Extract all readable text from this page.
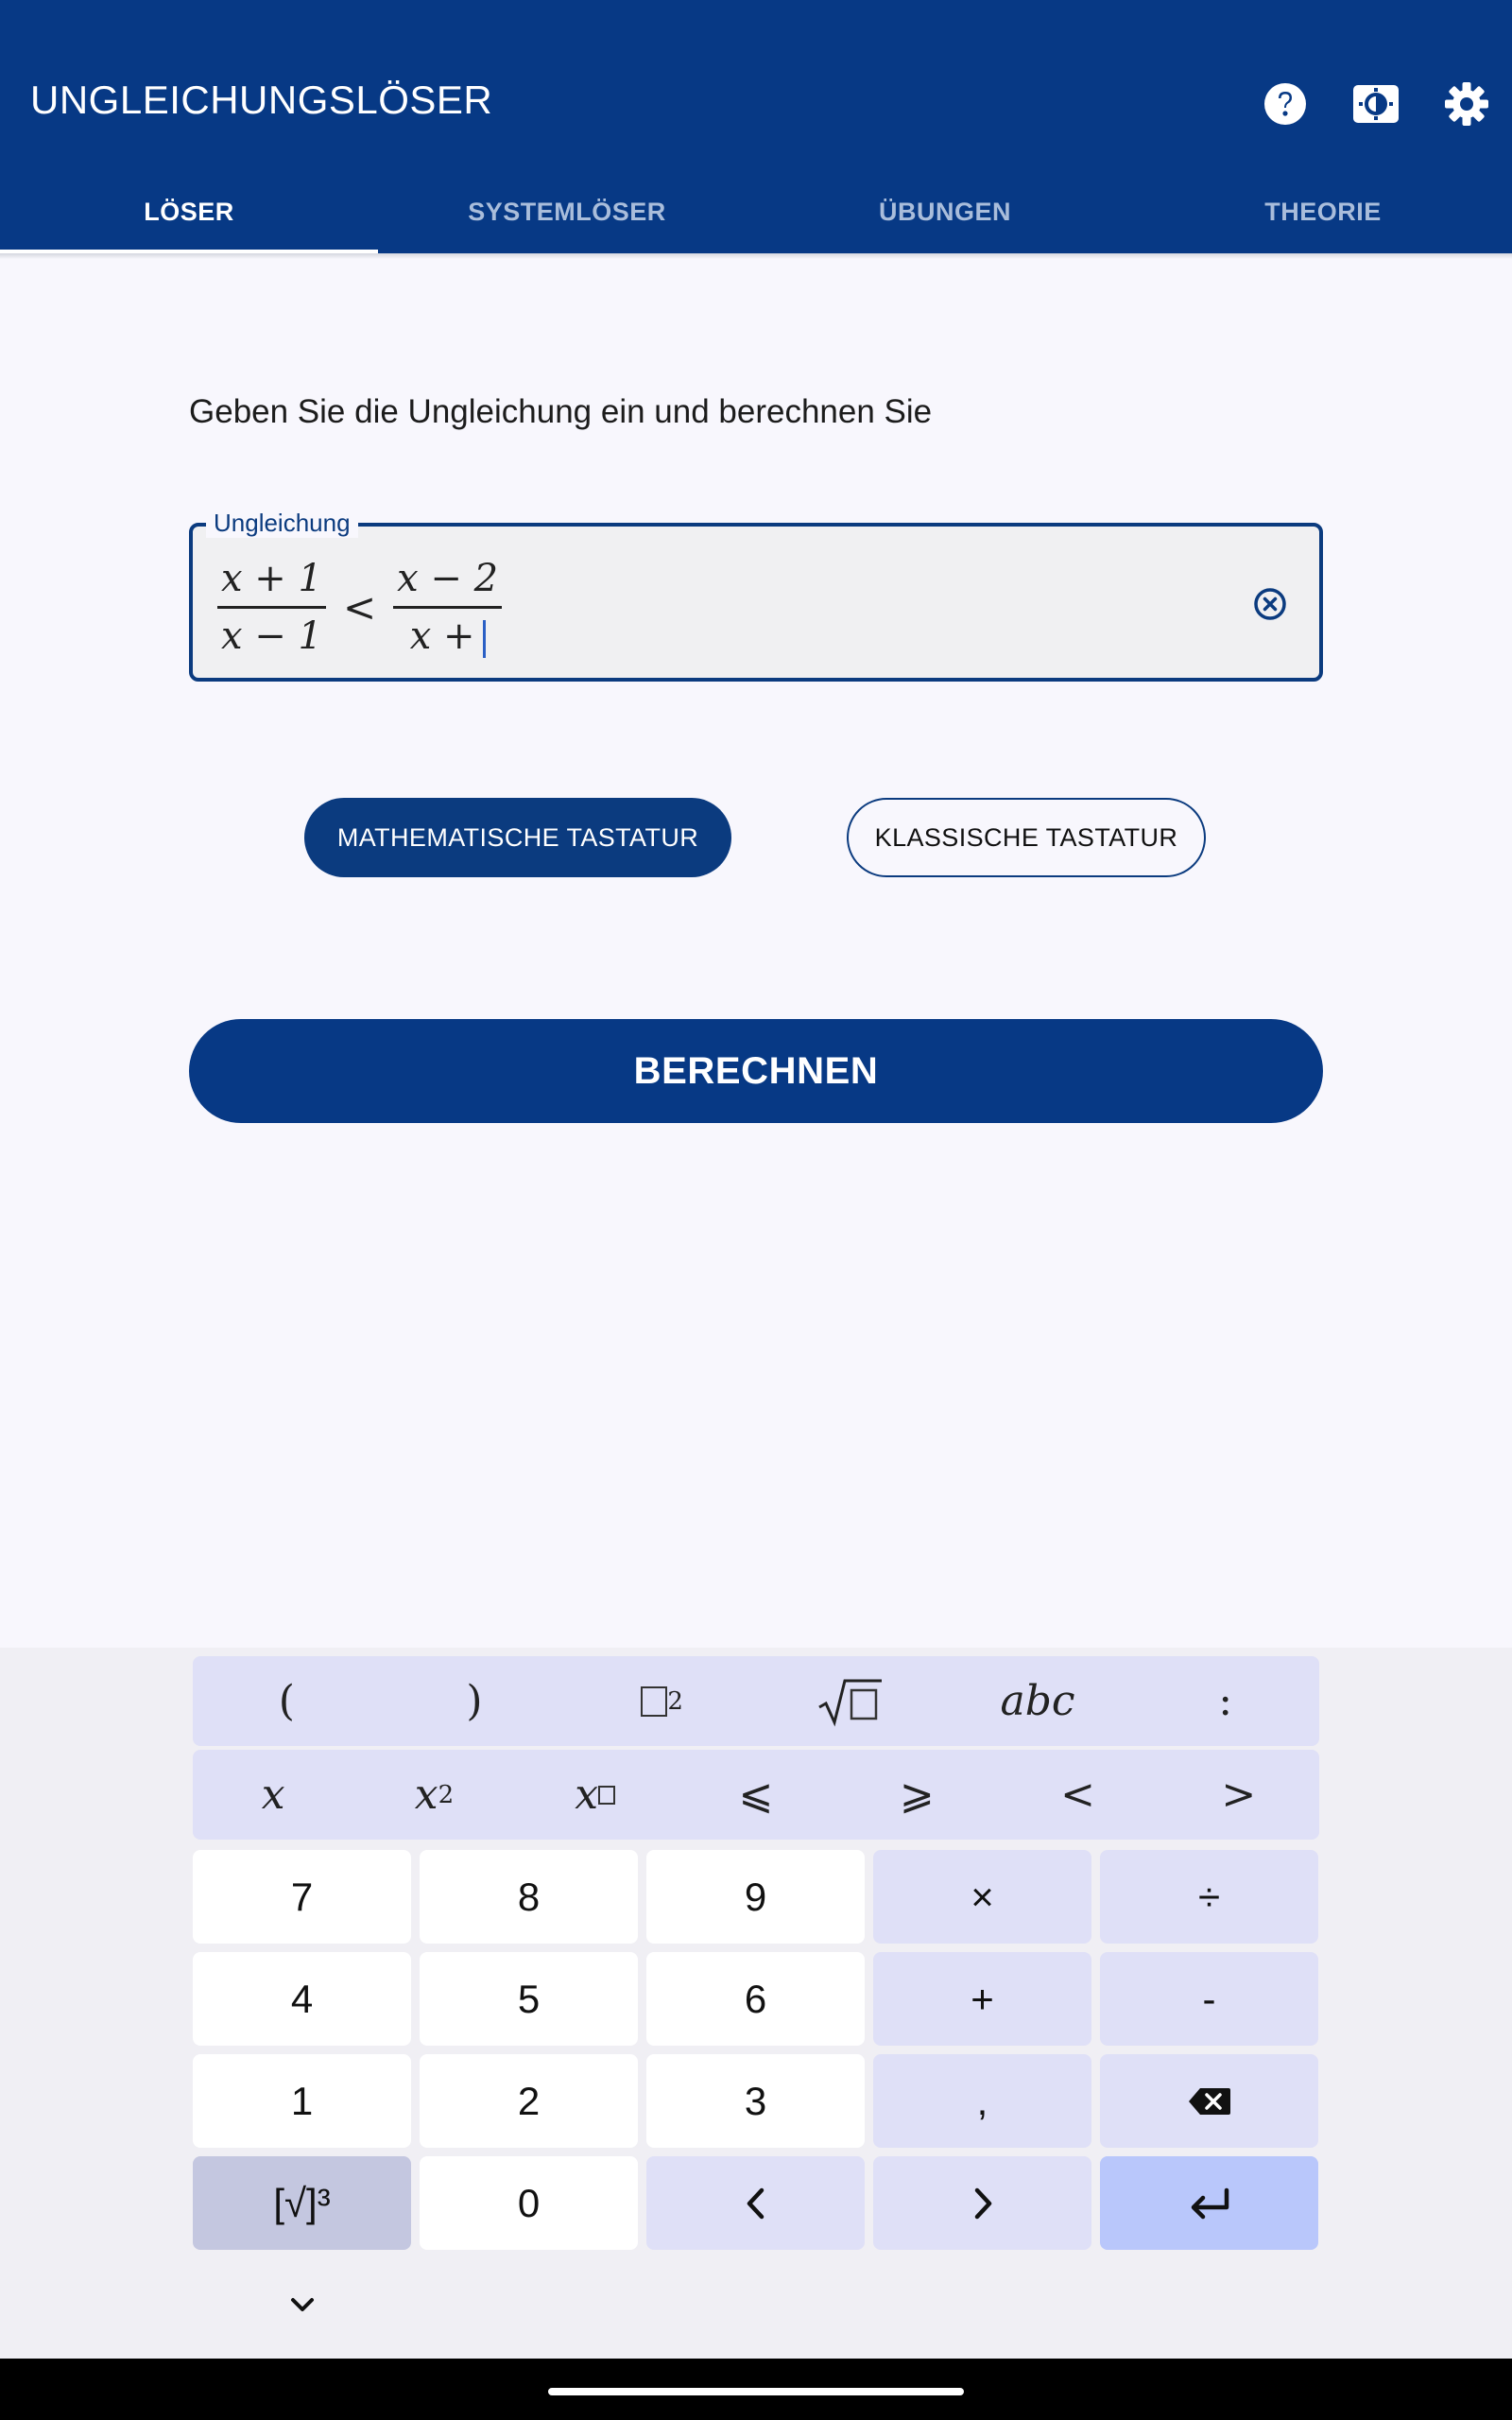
UNGLEICHUNGSLÖSER
LÖSER	SYSTEMLÖSER	ÜBUNGEN	THEORIE
Geben Sie die Ungleichung ein und berechnen Sie
Ungleichung
$\frac{x + 1}{x - 1} < \frac{x - 2}{x +}$
MATHEMATISCHE TASTATUR	KLASSISCHE TASTATUR
BERECHNEN
(	)	2	abc	:
x	x 2	x	⩽	⩾	<	>
7	8	9	×	÷
4	5	6	+	-
1	2	3	,
[√]³	0
